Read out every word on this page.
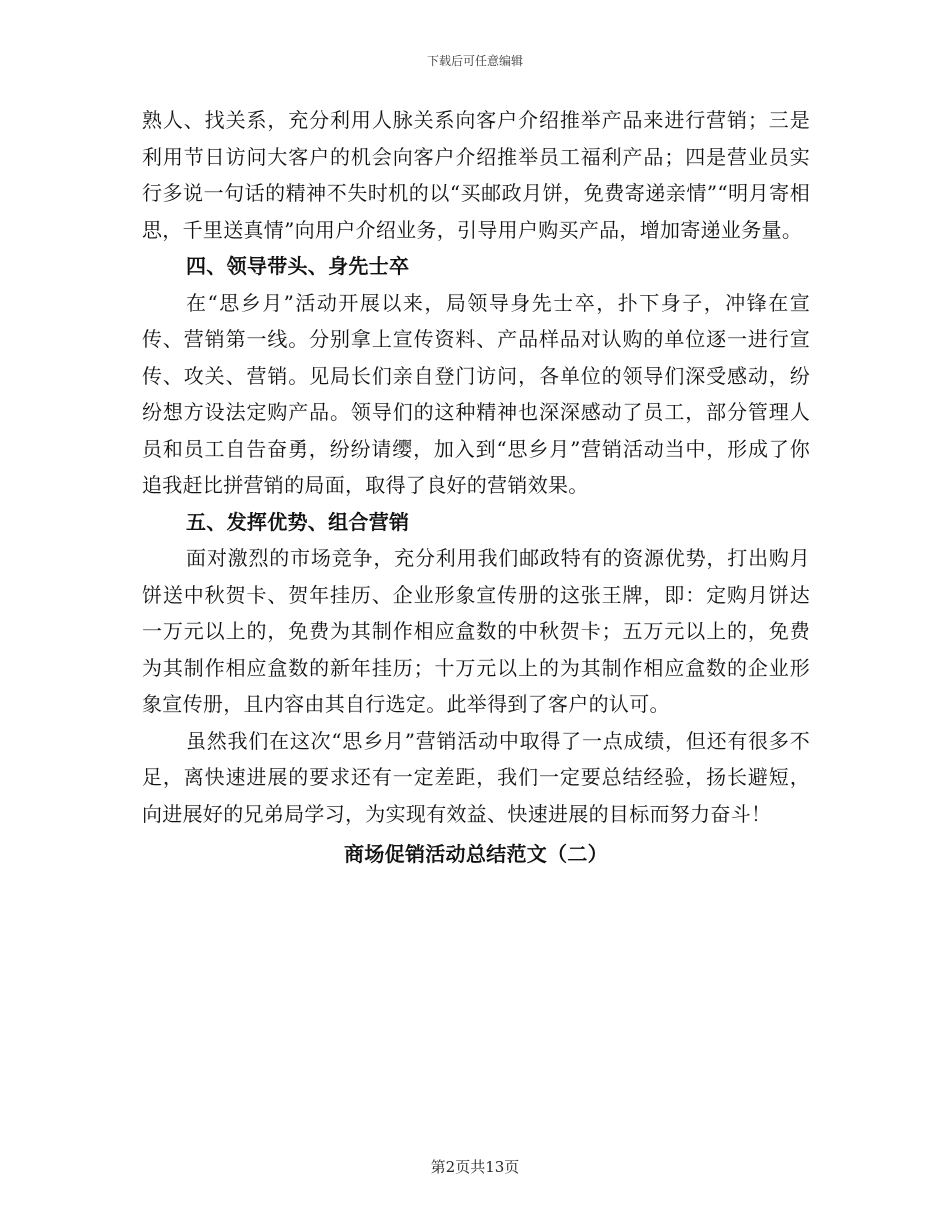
下载后可任意编辑

熟人、找关系，充分利用人脉关系向客户介绍推举产品来进行营销；三是利用节日访问大客户的机会向客户介绍推举员工福利产品；四是营业员实行多说一句话的精神不失时机的以“买邮政月饼，免费寄递亲情”“明月寄相思，千里送真情”向用户介绍业务，引导用户购买产品，增加寄递业务量。

四、领导带头、身先士卒

在“思乡月”活动开展以来，局领导身先士卒，扑下身子，冲锋在宣传、营销第一线。分别拿上宣传资料、产品样品对认购的单位逐一进行宣传、攻关、营销。见局长们亲自登门访问，各单位的领导们深受感动，纷纷想方设法定购产品。领导们的这种精神也深深感动了员工，部分管理人员和员工自告奋勇，纷纷请缨，加入到“思乡月”营销活动当中，形成了你追我赶比拼营销的局面，取得了良好的营销效果。

五、发挥优势、组合营销

面对激烈的市场竞争，充分利用我们邮政特有的资源优势，打出购月饼送中秋贺卡、贺年挂历、企业形象宣传册的这张王牌，即：定购月饼达一万元以上的，免费为其制作相应盒数的中秋贺卡；五万元以上的，免费为其制作相应盒数的新年挂历；十万元以上的为其制作相应盒数的企业形象宣传册，且内容由其自行选定。此举得到了客户的认可。

虽然我们在这次“思乡月”营销活动中取得了一点成绩，但还有很多不足，离快速进展的要求还有一定差距，我们一定要总结经验，扬长避短，向进展好的兄弟局学习，为实现有效益、快速进展的目标而努力奋斗！

商场促销活动总结范文（二）

第2页共13页
